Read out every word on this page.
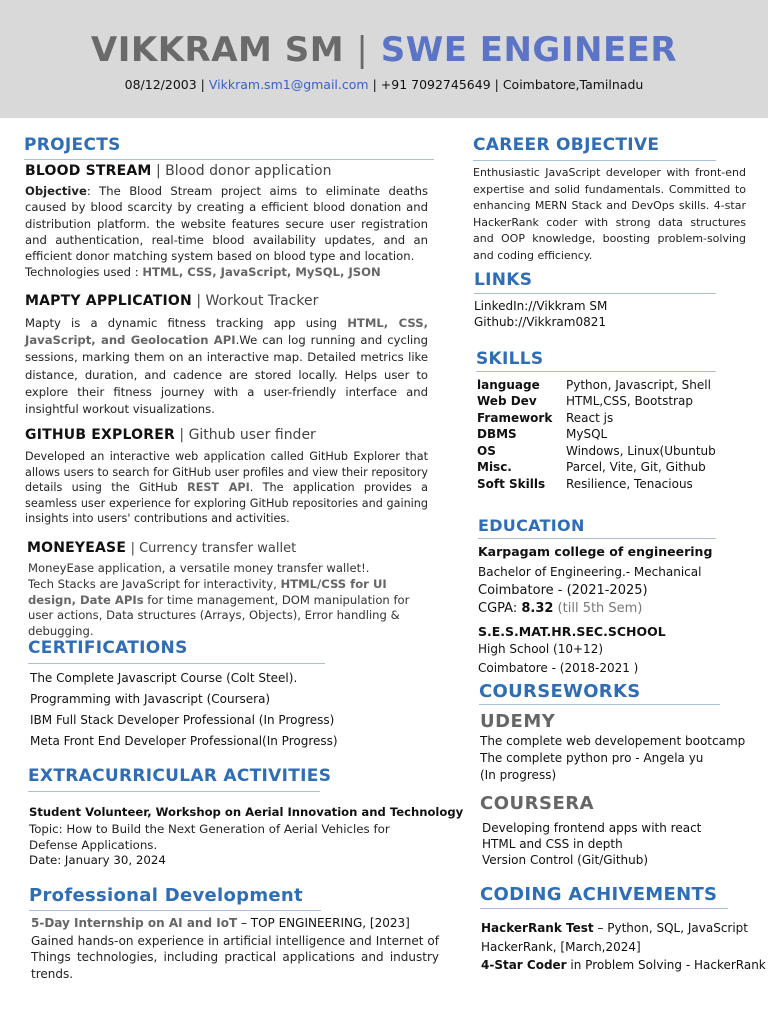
VIKKRAM SM | SWE ENGINEER
08/12/2003 | Vikkram.sm1@gmail.com | +91 7092745649 | Coimbatore,Tamilnadu
PROJECTS
BLOOD STREAM | Blood donor application
Objective: The Blood Stream project aims to eliminate deaths caused by blood scarcity by creating a efficient blood donation and distribution platform. the website features secure user registration and authentication, real-time blood availability updates, and an efficient donor matching system based on blood type and location.
Technologies used : HTML, CSS, JavaScript, MySQL, JSON
MAPTY APPLICATION | Workout Tracker
Mapty is a dynamic fitness tracking app using HTML, CSS, JavaScript, and Geolocation API.We can log running and cycling sessions, marking them on an interactive map. Detailed metrics like distance, duration, and cadence are stored locally. Helps user to explore their fitness journey with a user-friendly interface and insightful workout visualizations.
GITHUB EXPLORER | Github user finder
Developed an interactive web application called GitHub Explorer that allows users to search for GitHub user profiles and view their repository details using the GitHub REST API. The application provides a seamless user experience for exploring GitHub repositories and gaining insights into users' contributions and activities.
MONEYEASE | Currency transfer wallet
MoneyEase application, a versatile money transfer wallet!.
Tech Stacks are JavaScript for interactivity, HTML/CSS for UI design, Date APIs for time management, DOM manipulation for user actions, Data structures (Arrays, Objects), Error handling & debugging.
CERTIFICATIONS
The Complete Javascript Course (Colt Steel).
Programming with Javascript (Coursera)
IBM Full Stack Developer Professional (In Progress)
Meta Front End Developer Professional(In Progress)
EXTRACURRICULAR ACTIVITIES
Student Volunteer, Workshop on Aerial Innovation and Technology
Topic: How to Build the Next Generation of Aerial Vehicles for Defense Applications.
Date: January 30, 2024
Professional Development
5-Day Internship on AI and IoT – TOP ENGINEERING, [2023]
Gained hands-on experience in artificial intelligence and Internet of Things technologies, including practical applications and industry trends.
CAREER OBJECTIVE
Enthusiastic JavaScript developer with front-end expertise and solid fundamentals. Committed to enhancing MERN Stack and DevOps skills. 4-star HackerRank coder with strong data structures and OOP knowledge, boosting problem-solving and coding efficiency.
LINKS
LinkedIn://Vikkram SM
Github://Vikkram0821
SKILLS
language Python, Javascript, Shell
Web Dev HTML,CSS, Bootstrap
Framework React js
DBMS	MySQL
OS	Windows, Linux(Ubuntub
Misc.	Parcel, Vite, Git, Github
Soft Skills Resilience, Tenacious
EDUCATION
Karpagam college of engineering
Bachelor of Engineering.- Mechanical
Coimbatore - (2021-2025)
CGPA: 8.32 (till 5th Sem)
S.E.S.MAT.HR.SEC.SCHOOL
High School (10+12)
Coimbatore - (2018-2021 )
COURSEWORKS
UDEMY
The complete web developement bootcamp
The complete python pro - Angela yu
(In progress)
COURSERA
Developing frontend apps with react
HTML and CSS in depth
Version Control (Git/Github)
CODING ACHIVEMENTS
HackerRank Test – Python, SQL, JavaScript
HackerRank, [March,2024]
4-Star Coder in Problem Solving - HackerRank
